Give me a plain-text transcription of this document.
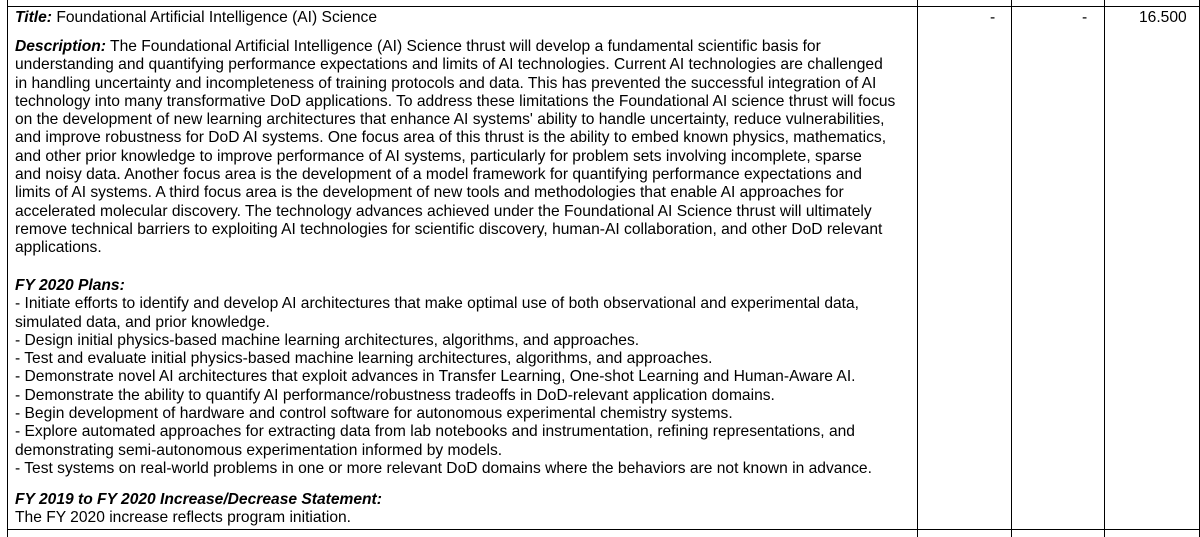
Title: Foundational Artificial Intelligence (AI) Science	-	-	16.500
Description: The Foundational Artificial Intelligence (AI) Science thrust will develop a fundamental scientific basis for
understanding and quantifying performance expectations and limits of AI technologies. Current AI technologies are challenged
in handling uncertainty and incompleteness of training protocols and data. This has prevented the successful integration of AI
technology into many transformative DoD applications. To address these limitations the Foundational AI science thrust will focus
on the development of new learning architectures that enhance AI systems' ability to handle uncertainty, reduce vulnerabilities,
and improve robustness for DoD AI systems. One focus area of this thrust is the ability to embed known physics, mathematics,
and other prior knowledge to improve performance of AI systems, particularly for problem sets involving incomplete, sparse
and noisy data. Another focus area is the development of a model framework for quantifying performance expectations and
limits of AI systems. A third focus area is the development of new tools and methodologies that enable AI approaches for
accelerated molecular discovery. The technology advances achieved under the Foundational AI Science thrust will ultimately
remove technical barriers to exploiting AI technologies for scientific discovery, human-AI collaboration, and other DoD relevant
applications.
FY 2020 Plans:
- Initiate efforts to identify and develop AI architectures that make optimal use of both observational and experimental data,
simulated data, and prior knowledge.
- Design initial physics-based machine learning architectures, algorithms, and approaches.
- Test and evaluate initial physics-based machine learning architectures, algorithms, and approaches.
- Demonstrate novel AI architectures that exploit advances in Transfer Learning, One-shot Learning and Human-Aware AI.
- Demonstrate the ability to quantify AI performance/robustness tradeoffs in DoD-relevant application domains.
- Begin development of hardware and control software for autonomous experimental chemistry systems.
- Explore automated approaches for extracting data from lab notebooks and instrumentation, refining representations, and
demonstrating semi-autonomous experimentation informed by models.
- Test systems on real-world problems in one or more relevant DoD domains where the behaviors are not known in advance.
FY 2019 to FY 2020 Increase/Decrease Statement:
The FY 2020 increase reflects program initiation.
